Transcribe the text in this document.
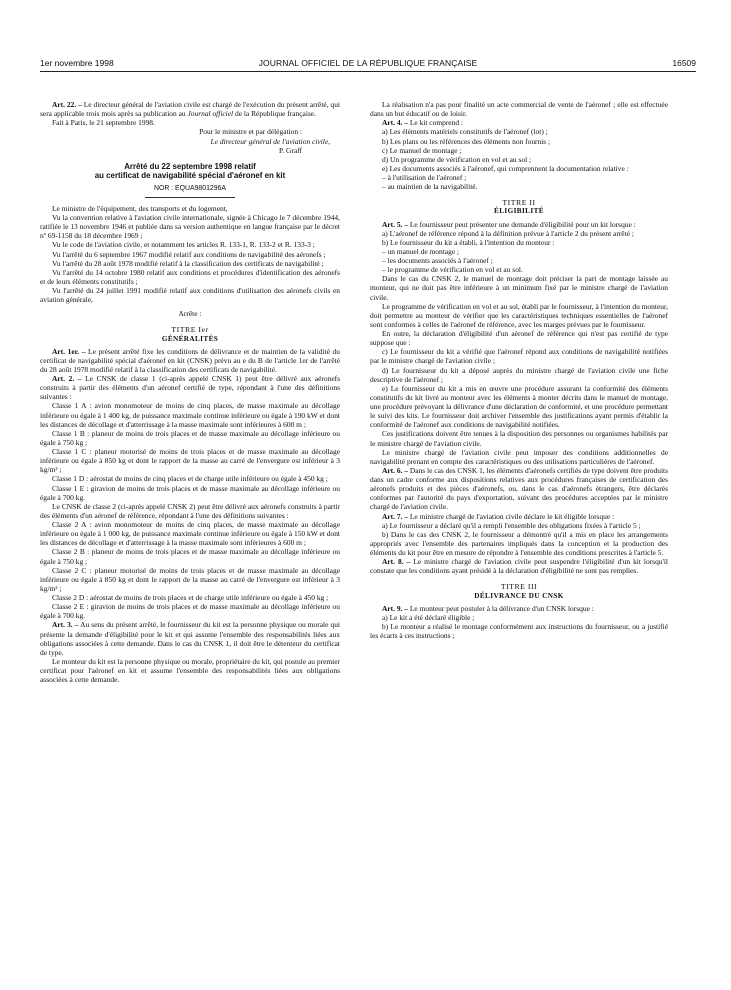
1er novembre 1998	JOURNAL OFFICIEL DE LA RÉPUBLIQUE FRANÇAISE	16509

Art. 22. – Le directeur général de l'aviation civile est chargé de l'exécution du présent arrêté, qui sera applicable trois mois après sa publication au Journal officiel de la République française.

Fait à Paris, le 21 septembre 1998.

Pour le ministre et par délégation :

Le directeur général de l'aviation civile,

P. Graff

Arrêté du 22 septembre 1998 relatif
au certificat de navigabilité spécial d'aéronef en kit
NOR : EQUA9801296A

Le ministre de l'équipement, des transports et du logement,

Vu la convention relative à l'aviation civile internationale, signée à Chicago le 7 décembre 1944, ratifiée le 13 novembre 1946 et publiée dans sa version authentique en langue française par le décret nº 69-1158 du 18 décembre 1969 ;

Vu le code de l'aviation civile, et notamment les articles R. 133-1, R. 133-2 et R. 133-3 ;

Vu l'arrêté du 6 septembre 1967 modifié relatif aux conditions de navigabilité des aéronefs ;

Vu l'arrêté du 28 août 1978 modifié relatif à la classification des certificats de navigabilité ;

Vu l'arrêté du 14 octobre 1980 relatif aux conditions et procédures d'identification des aéronefs et de leurs éléments constitutifs ;

Vu l'arrêté du 24 juillet 1991 modifié relatif aux conditions d'utilisation des aéronefs civils en aviation générale,

Arrête :

TITRE Ier
GÉNÉRALITÉS

Art. 1er. – Le présent arrêté fixe les conditions de délivrance et de maintien de la validité du certificat de navigabilité spécial d'aéronef en kit (CNSK) prévu au e du B de l'article 1er de l'arrêté du 28 août 1978 modifié relatif à la classification des certificats de navigabilité.

Art. 2. – Le CNSK de classe 1 (ci-après appelé CNSK 1) peut être délivré aux aéronefs construits à partir des éléments d'un aéronef certifié de type, répondant à l'une des définitions suivantes :

Classe 1 A : avion monomoteur de moins de cinq places, de masse maximale au décollage inférieure ou égale à 1 400 kg, de puissance maximale continue inférieure ou égale à 190 kW et dont les distances de décollage et d'atterrissage à la masse maximale sont inférieures à 600 m ;

Classe 1 B : planeur de moins de trois places et de masse maximale au décollage inférieure ou égale à 750 kg ;

Classe 1 C : planeur motorisé de moins de trois places et de masse maximale au décollage inférieure ou égale à 850 kg et dont le rapport de la masse au carré de l'envergure est inférieur à 3 kg/m² ;

Classe 1 D : aérostat de moins de cinq places et de charge utile inférieure ou égale à 450 kg ;

Classe 1 E : giravion de moins de trois places et de masse maximale au décollage inférieure ou égale à 700 kg.

Le CNSK de classe 2 (ci-après appelé CNSK 2) peut être délivré aux aéronefs construits à partir des éléments d'un aéronef de référence, répondant à l'une des définitions suivantes :

Classe 2 A : avion monomoteur de moins de cinq places, de masse maximale au décollage inférieure ou égale à 1 000 kg, de puissance maximale continue inférieure ou égale à 150 kW et dont les distances de décollage et d'atterrissage à la masse maximale sont inférieures à 600 m ;

Classe 2 B : planeur de moins de trois places et de masse maximale au décollage inférieure ou égale à 750 kg ;

Classe 2 C : planeur motorisé de moins de trois places et de masse maximale au décollage inférieure ou égale à 850 kg et dont le rapport de la masse au carré de l'envergure est inférieur à 3 kg/m² ;

Classe 2 D : aérostat de moins de trois places et de charge utile inférieure ou égale à 450 kg ;

Classe 2 E : giravion de moins de trois places et de masse maximale au décollage inférieure ou égale à 700 kg.

Art. 3. – Au sens du présent arrêté, le fournisseur du kit est la personne physique ou morale qui présente la demande d'éligibilité pour le kit et qui assume l'ensemble des responsabilités liées aux obligations associées à cette demande. Dans le cas du CNSK 1, il doit être le détenteur du certificat de type.

Le monteur du kit est la personne physique ou morale, propriétaire du kit, qui postule au premier certificat pour l'aéronef en kit et assume l'ensemble des responsabilités liées aux obligations associées à cette demande.

La réalisation n'a pas pour finalité un acte commercial de vente de l'aéronef ; elle est effectuée dans un but éducatif ou de loisir.

Art. 4. – Le kit comprend :

a) Les éléments matériels constitutifs de l'aéronef (lot) ;

b) Les plans ou les références des éléments non fournis ;

c) Le manuel de montage ;

d) Un programme de vérification en vol et au sol ;

e) Les documents associés à l'aéronef, qui comprennent la documentation relative :

– à l'utilisation de l'aéronef ;

– au maintien de la navigabilité.

TITRE II
ÉLIGIBILITÉ

Art. 5. – Le fournisseur peut présenter une demande d'éligibilité pour un kit lorsque :

a) L'aéronef de référence répond à la définition prévue à l'article 2 du présent arrêté ;

b) Le fournisseur du kit a établi, à l'intention du monteur :

– un manuel de montage ;

– les documents associés à l'aéronef ;

– le programme de vérification en vol et au sol.

Dans le cas du CNSK 2, le manuel de montage doit préciser la part de montage laissée au monteur, qui ne doit pas être inférieure à un minimum fixé par le ministre chargé de l'aviation civile.

Le programme de vérification en vol et au sol, établi par le fournisseur, à l'intention du monteur, doit permettre au monteur de vérifier que les caractéristiques techniques essentielles de l'aéronef sont conformes à celles de l'aéronef de référence, avec les marges prévues par le fournisseur.

En outre, la déclaration d'éligibilité d'un aéronef de référence qui n'est pas certifié de type suppose que :

c) Le fournisseur du kit a vérifié que l'aéronef répond aux conditions de navigabilité notifiées par le ministre chargé de l'aviation civile ;

d) Le fournisseur du kit a déposé auprès du ministre chargé de l'aviation civile une fiche descriptive de l'aéronef ;

e) Le fournisseur du kit a mis en œuvre une procédure assurant la conformité des éléments constitutifs du kit livré au monteur avec les éléments à monter décrits dans le manuel de montage, une procédure prévoyant la délivrance d'une déclaration de conformité, et une procédure permettant le suivi des kits. Le fournisseur doit archiver l'ensemble des justifications ayant permis d'établir la conformité de l'aéronef aux conditions de navigabilité notifiées.

Ces justifications doivent être tenues à la disposition des personnes ou organismes habilités par le ministre chargé de l'aviation civile.

Le ministre chargé de l'aviation civile peut imposer des conditions additionnelles de navigabilité prenant en compte des caractéristiques ou des utilisations particulières de l'aéronef.

Art. 6. – Dans le cas des CNSK 1, les éléments d'aéronefs certifiés de type doivent être produits dans un cadre conforme aux dispositions relatives aux procédures françaises de certification des aéronefs produits et des pièces d'aéronefs, ou, dans le cas d'aéronefs étrangers, être déclarés conformes par l'autorité du pays d'exportation, suivant des procédures acceptées par le ministre chargé de l'aviation civile.

Art. 7. – Le ministre chargé de l'aviation civile déclare le kit éligible lorsque :

a) Le fournisseur a déclaré qu'il a rempli l'ensemble des obligations fixées à l'article 5 ;

b) Dans le cas des CNSK 2, le fournisseur a démontré qu'il a mis en place les arrangements appropriés avec l'ensemble des partenaires impliqués dans la conception et la production des éléments du kit pour être en mesure de répondre à l'ensemble des conditions prescrites à l'article 5.

Art. 8. – Le ministre chargé de l'aviation civile peut suspendre l'éligibilité d'un kit lorsqu'il constate que les conditions ayant présidé à la déclaration d'éligibilité ne sont pas remplies.

TITRE III
DÉLIVRANCE DU CNSK

Art. 9. – Le monteur peut postuler à la délivrance d'un CNSK lorsque :

a) Le kit a été déclaré éligible ;

b) Le monteur a réalisé le montage conformément aux instructions du fournisseur, ou a justifié les écarts à ces instructions ;
